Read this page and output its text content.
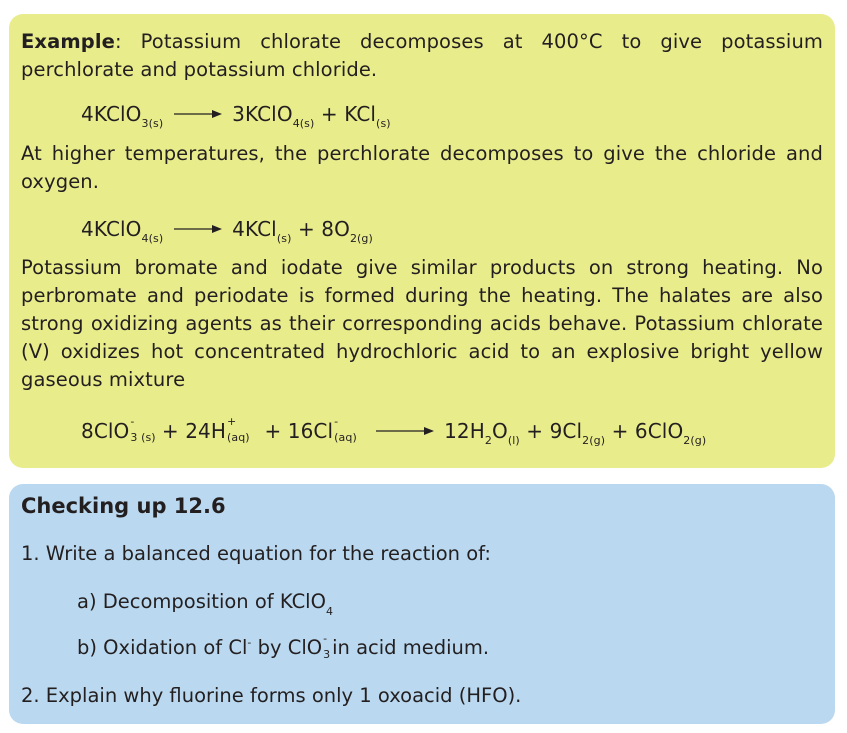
Example: Potassium chlorate decomposes at 400°C to give potassium perchlorate and potassium chloride.

4KClO$_{3(s)}$ → 3KClO$_{4(s)}$ + KCl$_{(s)}$

At higher temperatures, the perchlorate decomposes to give the chloride and oxygen.

4KClO$_{4(s)}$ → $4KCl_{(s)} + 8O_{2(g)}$

Potassium bromate and iodate give similar products on strong heating. No perbromate and periodate is formed during the heating. The halates are also strong oxidizing agents as their corresponding acids behave. Potassium chlorate (V) oxidizes hot concentrated hydrochloric acid to an explosive bright yellow gaseous mixture

8ClO -
3 (s) + 24H +
(aq) + 16Cl -
$(aq) \to 12H_2O_{(l)} + 9Cl_{2(g)} + 6ClO_{2(g)}$
Checking up 12.6
1. Write a balanced equation for the reaction of:
a) Decomposition of KClO$_4$
b) Oxidation of Cl- by ClO -
3 in acid medium.
2. Explain why fluorine forms only 1 oxoacid (HFO).
